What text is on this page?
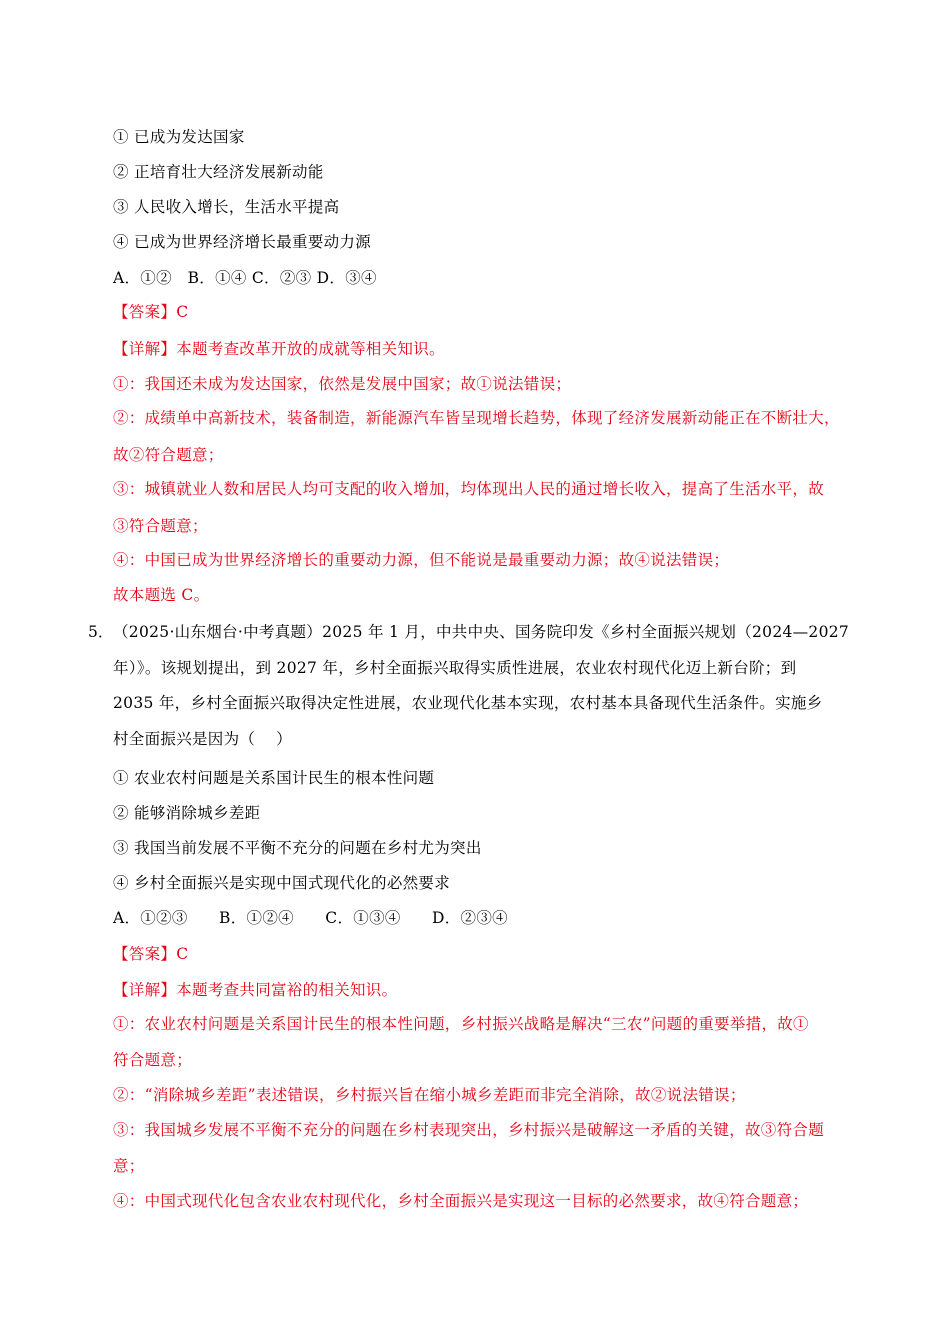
① 已成为发达国家
② 正培育壮大经济发展新动能
③ 人民收入增长，生活水平提高
④ 已成为世界经济增长最重要动力源
A．①②   B．①④ C．②③ D．③④
【答案】C
【详解】本题考查改革开放的成就等相关知识。
①：我国还未成为发达国家，依然是发展中国家；故①说法错误；
②：成绩单中高新技术，装备制造，新能源汽车皆呈现增长趋势，体现了经济发展新动能正在不断壮大，
故②符合题意；
③：城镇就业人数和居民人均可支配的收入增加，均体现出人民的通过增长收入，提高了生活水平，故
③符合题意；
④：中国已成为世界经济增长的重要动力源，但不能说是最重要动力源；故④说法错误；
故本题选 C。
5． （2025·山东烟台·中考真题）2025 年 1 月，中共中央、国务院印发《乡村全面振兴规划（2024—2027
年）》。该规划提出，到 2027 年，乡村全面振兴取得实质性进展，农业农村现代化迈上新台阶；到
2035 年，乡村全面振兴取得决定性进展，农业现代化基本实现，农村基本具备现代生活条件。实施乡
村全面振兴是因为（    ）
① 农业农村问题是关系国计民生的根本性问题
② 能够消除城乡差距
③ 我国当前发展不平衡不充分的问题在乡村尤为突出
④ 乡村全面振兴是实现中国式现代化的必然要求
A．①②③      B．①②④      C．①③④      D．②③④
【答案】C
【详解】本题考查共同富裕的相关知识。
①：农业农村问题是关系国计民生的根本性问题，乡村振兴战略是解决“三农”问题的重要举措，故①
符合题意；
②：“消除城乡差距”表述错误，乡村振兴旨在缩小城乡差距而非完全消除，故②说法错误；
③：我国城乡发展不平衡不充分的问题在乡村表现突出，乡村振兴是破解这一矛盾的关键，故③符合题
意；
④：中国式现代化包含农业农村现代化，乡村全面振兴是实现这一目标的必然要求，故④符合题意；
